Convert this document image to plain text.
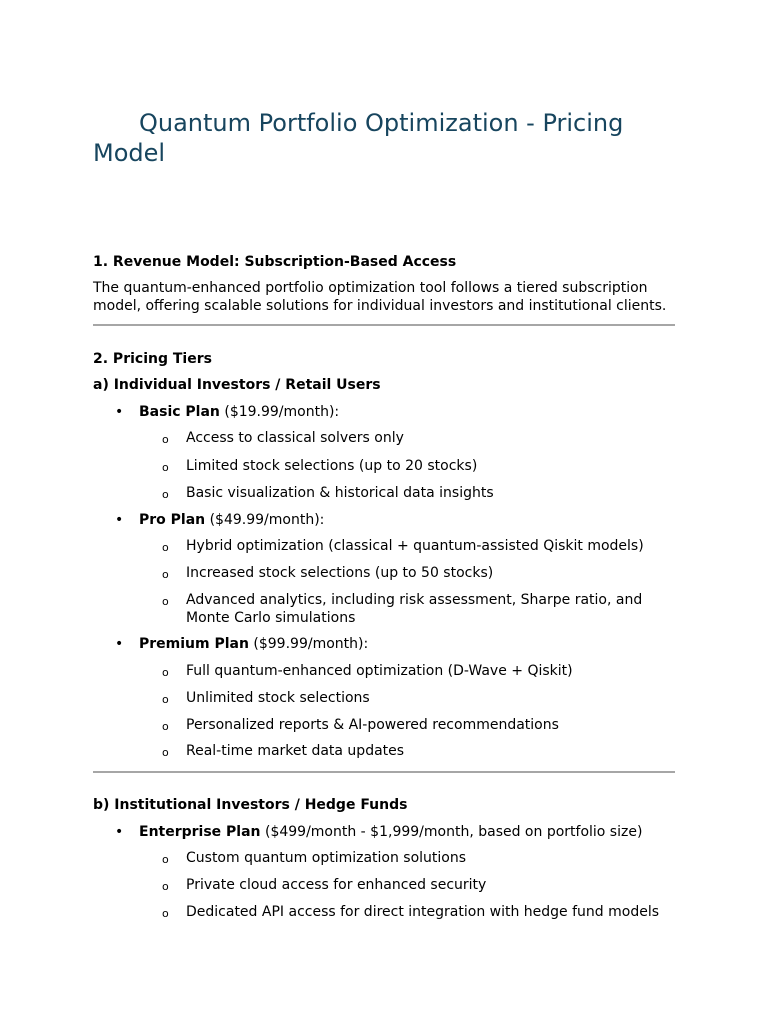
Quantum Portfolio Optimization - Pricing Model
1. Revenue Model: Subscription-Based Access

The quantum-enhanced portfolio optimization tool follows a tiered subscription model, offering scalable solutions for individual investors and institutional clients.

2. Pricing Tiers
a) Individual Investors / Retail Users
• Basic Plan ($19.99/month):
o Access to classical solvers only
o Limited stock selections (up to 20 stocks)
o Basic visualization & historical data insights
• Pro Plan ($49.99/month):
o Hybrid optimization (classical + quantum-assisted Qiskit models)
o Increased stock selections (up to 50 stocks)
o Advanced analytics, including risk assessment, Sharpe ratio, and Monte Carlo simulations
• Premium Plan ($99.99/month):
o Full quantum-enhanced optimization (D-Wave + Qiskit)
o Unlimited stock selections
o Personalized reports & AI-powered recommendations
o Real-time market data updates
b) Institutional Investors / Hedge Funds
• Enterprise Plan ($499/month - $1,999/month, based on portfolio size)
o Custom quantum optimization solutions
o Private cloud access for enhanced security
o Dedicated API access for direct integration with hedge fund models
